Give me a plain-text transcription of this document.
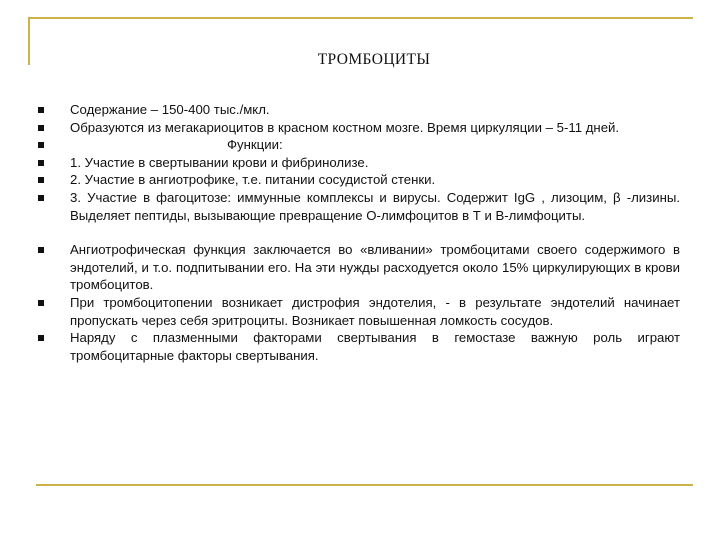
ТРОМБОЦИТЫ
Содержание – 150-400 тыс./мкл.
Образуются из мегакариоцитов в красном костном мозге. Время циркуляции – 5-11 дней.
Функции:
1. Участие в свертывании крови и фибринолизе.
2. Участие в ангиотрофике, т.е. питании сосудистой стенки.
3. Участие в фагоцитозе: иммунные комплексы и вирусы. Содержит IgG , лизоцим, β -лизины. Выделяет пептиды, вызывающие превращение О-лимфоцитов в Т и В-лимфоциты.
Ангиотрофическая функция заключается во «вливании» тромбоцитами своего содержимого в эндотелий, и т.о. подпитывании его. На эти нужды расходуется около 15% циркулирующих в крови тромбоцитов.
При тромбоцитопении возникает дистрофия эндотелия, - в результате эндотелий начинает пропускать через себя эритроциты. Возникает повышенная ломкость сосудов.
Наряду с плазменными факторами свертывания в гемостазе важную роль играют тромбоцитарные факторы свертывания.
